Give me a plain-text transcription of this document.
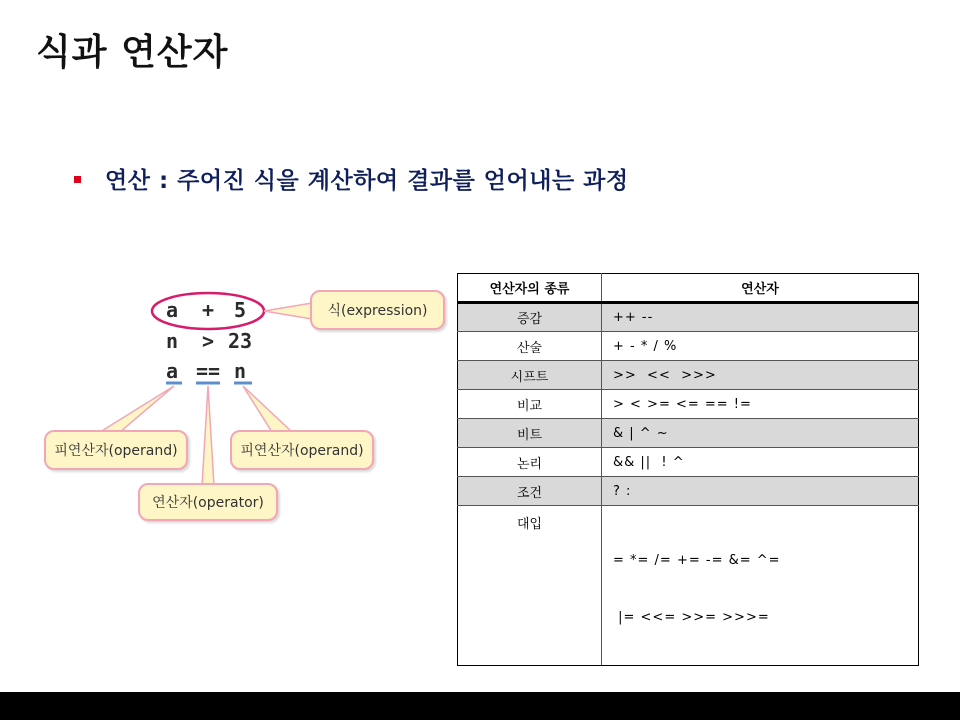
식과 연산자
연산 : 주어진 식을 계산하여 결과를 얻어내는 과정
a + 5
n > 23
a == n
식(expression)
피연산자(operand)	피연산자(operand)
연산자(operator)
연산자의 종류	연산자
증감	++ --
산술	+ - * / %
시프트	>>  <<  >>>
비교	> < >= <= == !=
비트	& | ^ ~
논리	&& ||  ! ^
조건	? :
대입	= *= /= += -= &= ^=

|= <<= >>= >>>=
